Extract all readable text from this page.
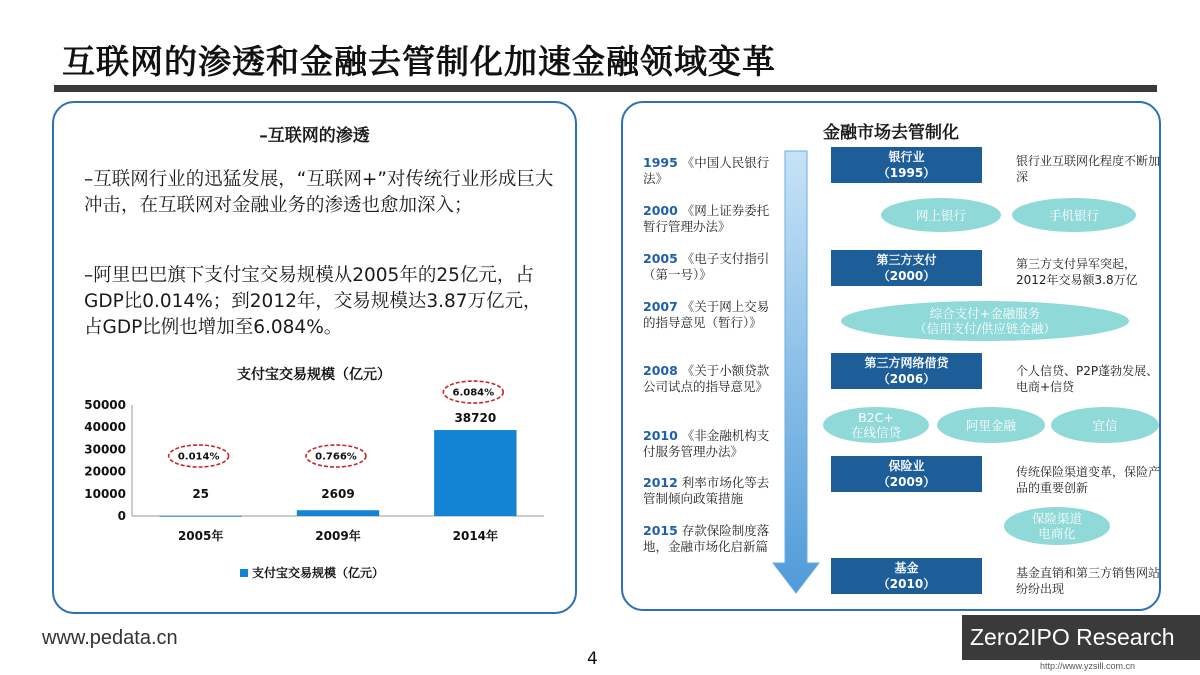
互联网的渗透和金融去管制化加速金融领域变革
–互联网的渗透
–互联网行业的迅猛发展，“互联网+”对传统行业形成巨大冲击，在互联网对金融业务的渗透也愈加深入；
–阿里巴巴旗下支付宝交易规模从2005年的25亿元，占GDP比0.014%；到2012年，交易规模达3.87万亿元，占GDP比例也增加至6.084%。
支付宝交易规模（亿元）
0
10000
20000
30000
40000
50000
25	2609
38720
2005年	2009年	2014年
0.014%	0.766%
6.084%
支付宝交易规模（亿元）
金融市场去管制化
1995 《中国人民银行法》
2000 《网上证券委托暂行管理办法》
2005 《电子支付指引（第一号）》
2007 《关于网上交易的指导意见（暂行）》
2008 《关于小额贷款公司试点的指导意见》
2010 《非金融机构支付服务管理办法》
2012 利率市场化等去管制倾向政策措施
2015 存款保险制度落地，金融市场化启新篇
银行业
（1995）
银行业互联网化程度不断加深
第三方支付
（2000）
第三方支付异军突起，2012年交易额3.8万亿
第三方网络借贷
（2006）
个人信贷、P2P蓬勃发展、电商+信贷
保险业
（2009）
传统保险渠道变革，保险产品的重要创新
基金
（2010）
基金直销和第三方销售网站纷纷出现
网上银行	手机银行
综合支付+金融服务
（信用支付/供应链金融）
B2C+
在线信贷	阿里金融	宜信
保险渠道
电商化
www.pedata.cn
4
Zero2IPO Research
http://www.yzsill.com.cn
